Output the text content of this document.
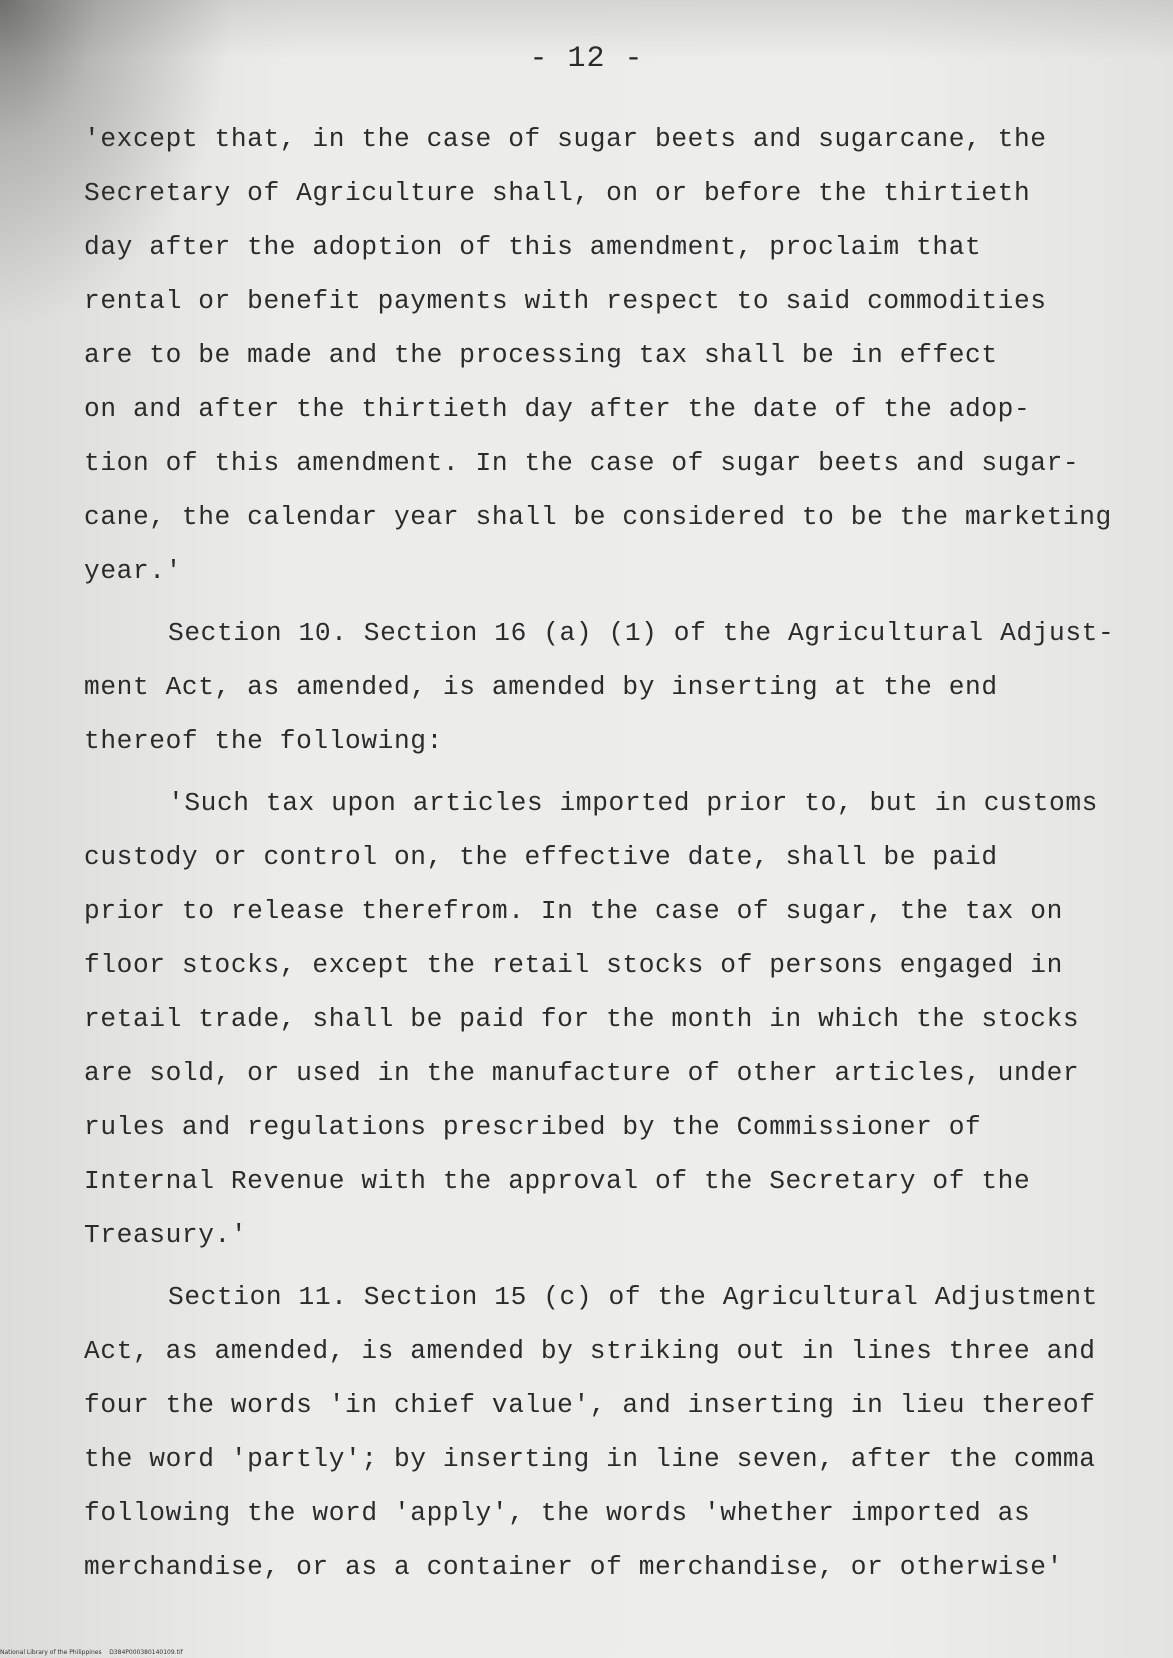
- 12 -
'except that, in the case of sugar beets and sugarcane, the
Secretary of Agriculture shall, on or before the thirtieth
day after the adoption of this amendment, proclaim that
rental or benefit payments with respect to said commodities
are to be made and the processing tax shall be in effect
on and after the thirtieth day after the date of the adop-
tion of this amendment. In the case of sugar beets and sugar-
cane, the calendar year shall be considered to be the marketing
year.'
Section 10. Section 16 (a) (1) of the Agricultural Adjust-
ment Act, as amended, is amended by inserting at the end
thereof the following:
'Such tax upon articles imported prior to, but in customs
custody or control on, the effective date, shall be paid
prior to release therefrom. In the case of sugar, the tax on
floor stocks, except the retail stocks of persons engaged in
retail trade, shall be paid for the month in which the stocks
are sold, or used in the manufacture of other articles, under
rules and regulations prescribed by the Commissioner of
Internal Revenue with the approval of the Secretary of the
Treasury.'
Section 11. Section 15 (c) of the Agricultural Adjustment
Act, as amended, is amended by striking out in lines three and
four the words 'in chief value', and inserting in lieu thereof
the word 'partly'; by inserting in line seven, after the comma
following the word 'apply', the words 'whether imported as
merchandise, or as a container of merchandise, or otherwise'
National Library of the Philippines    D384P000380140109.tif
